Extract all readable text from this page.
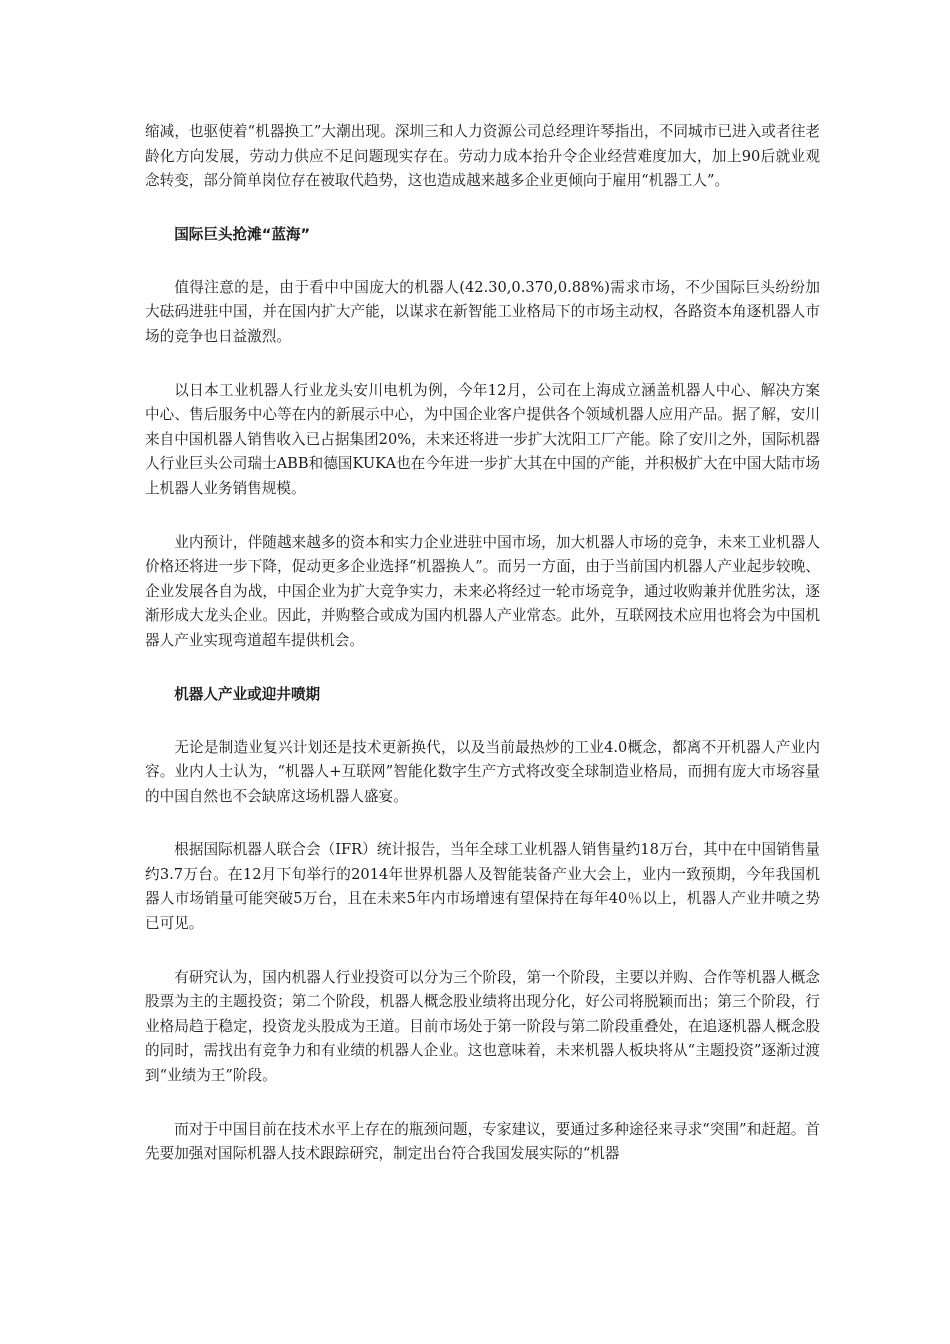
缩减，也驱使着“机器换工”大潮出现。深圳三和人力资源公司总经理许琴指出，不同城市已进入或者往老龄化方向发展，劳动力供应不足问题现实存在。劳动力成本抬升令企业经营难度加大，加上90后就业观念转变，部分简单岗位存在被取代趋势，这也造成越来越多企业更倾向于雇用“机器工人”。

国际巨头抢滩“蓝海”

值得注意的是，由于看中中国庞大的机器人(42.30,0.370,0.88%)需求市场，不少国际巨头纷纷加大砝码进驻中国，并在国内扩大产能，以谋求在新智能工业格局下的市场主动权，各路资本角逐机器人市场的竞争也日益激烈。

以日本工业机器人行业龙头安川电机为例，今年12月，公司在上海成立涵盖机器人中心、解决方案中心、售后服务中心等在内的新展示中心，为中国企业客户提供各个领域机器人应用产品。据了解，安川来自中国机器人销售收入已占据集团20%，未来还将进一步扩大沈阳工厂产能。除了安川之外，国际机器人行业巨头公司瑞士ABB和德国KUKA也在今年进一步扩大其在中国的产能，并积极扩大在中国大陆市场上机器人业务销售规模。

业内预计，伴随越来越多的资本和实力企业进驻中国市场，加大机器人市场的竞争，未来工业机器人价格还将进一步下降，促动更多企业选择“机器换人”。而另一方面，由于当前国内机器人产业起步较晚、企业发展各自为战，中国企业为扩大竞争实力，未来必将经过一轮市场竞争，通过收购兼并优胜劣汰，逐渐形成大龙头企业。因此，并购整合或成为国内机器人产业常态。此外，互联网技术应用也将会为中国机器人产业实现弯道超车提供机会。

机器人产业或迎井喷期

无论是制造业复兴计划还是技术更新换代，以及当前最热炒的工业4.0概念，都离不开机器人产业内容。业内人士认为，“机器人+互联网”智能化数字生产方式将改变全球制造业格局，而拥有庞大市场容量的中国自然也不会缺席这场机器人盛宴。

根据国际机器人联合会（IFR）统计报告，当年全球工业机器人销售量约18万台，其中在中国销售量约3.7万台。在12月下旬举行的2014年世界机器人及智能装备产业大会上，业内一致预期，今年我国机器人市场销量可能突破5万台，且在未来5年内市场增速有望保持在每年40％以上，机器人产业井喷之势已可见。

有研究认为，国内机器人行业投资可以分为三个阶段，第一个阶段，主要以并购、合作等机器人概念股票为主的主题投资；第二个阶段，机器人概念股业绩将出现分化，好公司将脱颖而出；第三个阶段，行业格局趋于稳定，投资龙头股成为王道。目前市场处于第一阶段与第二阶段重叠处，在追逐机器人概念股的同时，需找出有竞争力和有业绩的机器人企业。这也意味着，未来机器人板块将从“主题投资”逐渐过渡到“业绩为王”阶段。

而对于中国目前在技术水平上存在的瓶颈问题，专家建议，要通过多种途径来寻求“突围”和赶超。首先要加强对国际机器人技术跟踪研究，制定出台符合我国发展实际的“机器
